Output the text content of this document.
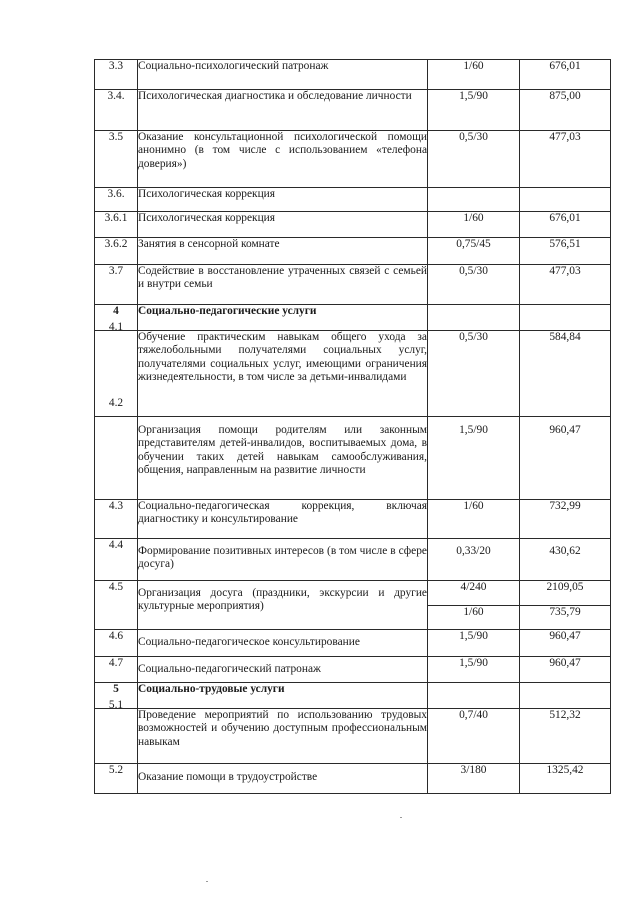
3.3	Социально-психологический патронаж	1/60	676,01
3.4.	Психологическая диагностика и обследование личности	1,5/90	875,00
3.5	Оказание консультационной психологической помощи анонимно (в том числе с использованием «телефона доверия»)	0,5/30	477,03
3.6.	Психологическая коррекция		
3.6.1	Психологическая коррекция	1/60	676,01
3.6.2	Занятия в сенсорной комнате	0,75/45	576,51
3.7	Содействие в восстановление утраченных связей с семьей и внутри семьи	0,5/30	477,03
4	Социально-педагогические услуги		
4.1	Обучение практическим навыкам общего ухода за тяжелобольными получателями социальных услуг, получателями социальных услуг, имеющими ограничения жизнедеятельности, в том числе за детьми-инвалидами	0,5/30	584,84
4.2	Организация помощи родителям или законным представителям детей-инвалидов, воспитываемых дома, в обучении таких детей навыкам самообслуживания, общения, направленным на развитие личности	1,5/90	960,47
4.3	Социально-педагогическая коррекция, включая диагностику и консультирование	1/60	732,99
4.4	Формирование позитивных интересов (в том числе в сфере досуга)	0,33/20	430,62
4.5	Организация досуга (праздники, экскурсии и другие культурные мероприятия)	4/240	2109,05
		1/60	735,79
4.6	Социально-педагогическое консультирование	1,5/90	960,47
4.7	Социально-педагогический патронаж	1,5/90	960,47
5	Социально-трудовые услуги		
5.1	Проведение мероприятий по использованию трудовых возможностей и обучению доступным профессиональным навыкам	0,7/40	512,32
5.2	Оказание помощи в трудоустройстве	3/180	1325,42
